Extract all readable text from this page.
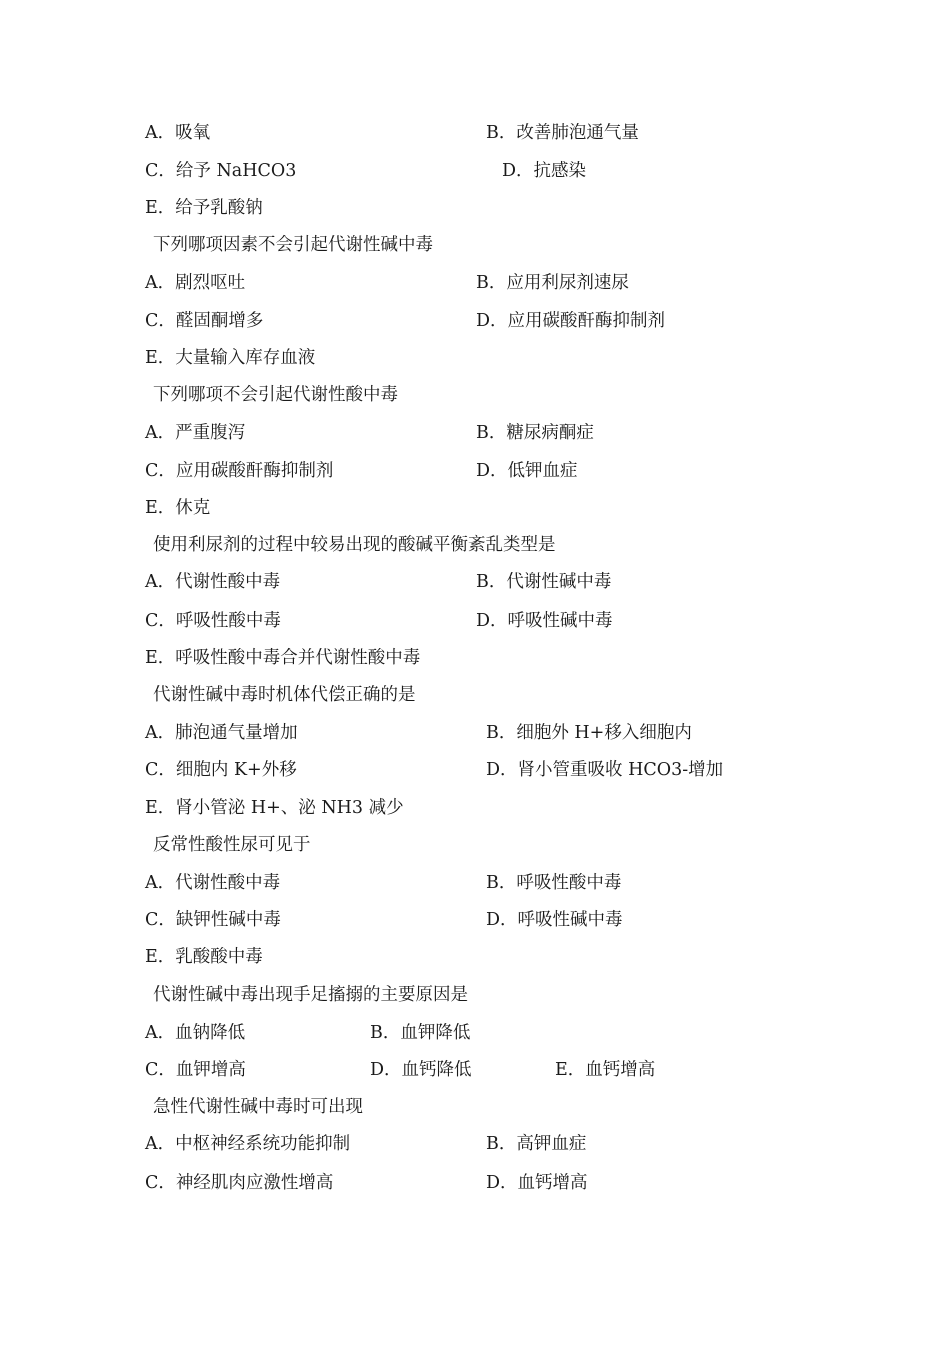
A．吸氧	B．改善肺泡通气量
C．给予 NaHCO3	D．抗感染
E．给予乳酸钠
下列哪项因素不会引起代谢性碱中毒
A．剧烈呕吐	B．应用利尿剂速尿
C．醛固酮增多	D．应用碳酸酐酶抑制剂
E．大量输入库存血液
下列哪项不会引起代谢性酸中毒
A．严重腹泻	B．糖尿病酮症
C．应用碳酸酐酶抑制剂	D．低钾血症
E．休克
使用利尿剂的过程中较易出现的酸碱平衡紊乱类型是
A．代谢性酸中毒	B．代谢性碱中毒
C．呼吸性酸中毒	D．呼吸性碱中毒
E．呼吸性酸中毒合并代谢性酸中毒
代谢性碱中毒时机体代偿正确的是
A．肺泡通气量增加	B．细胞外 H+移入细胞内
C．细胞内 K+外移	D．肾小管重吸收 HCO3-增加
E．肾小管泌 H+、泌 NH3 减少
反常性酸性尿可见于
A．代谢性酸中毒	B．呼吸性酸中毒
C．缺钾性碱中毒	D．呼吸性碱中毒
E．乳酸酸中毒
代谢性碱中毒出现手足搐搦的主要原因是
A．血钠降低	B．血钾降低
C．血钾增高	D．血钙降低	E．血钙增高
急性代谢性碱中毒时可出现
A．中枢神经系统功能抑制	B．高钾血症
C．神经肌肉应激性增高	D．血钙增高
